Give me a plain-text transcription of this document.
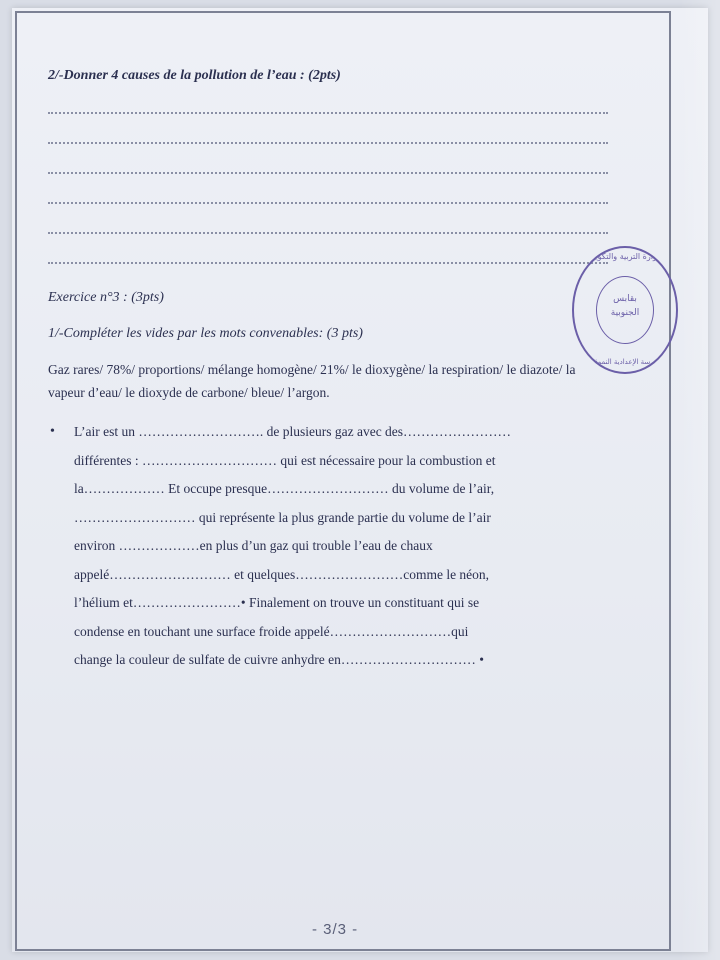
2/-Donner 4 causes de la pollution de l’eau : (2pts)
Exercice n°3 : (3pts)
1/-Compléter les vides par les mots convenables: (3 pts)
Gaz rares/ 78%/ proportions/ mélange homogène/ 21%/ le dioxygène/ la respiration/ le diazote/ la vapeur d’eau/ le dioxyde de carbone/ bleue/ l’argon.
• L’air est un ………………………. de plusieurs gaz avec des……………………
différentes : ………………………… qui est nécessaire pour la combustion et
la……………… Et occupe presque……………………… du volume de l’air,
……………………… qui représente la plus grande partie du volume de l’air
environ ………………en plus d’un gaz qui trouble l’eau de chaux
appelé……………………… et quelques……………………comme le néon,
l’hélium et……………………• Finalement on trouve un constituant qui se
condense en touchant une surface froide appelé………………………qui
change la couleur de sulfate de cuivre anhydre en………………………… •
وزارة التربية والتكوين
بقابس
الجنوبية
المدرسة الإعدادية النموذجية
- 3/3 -
